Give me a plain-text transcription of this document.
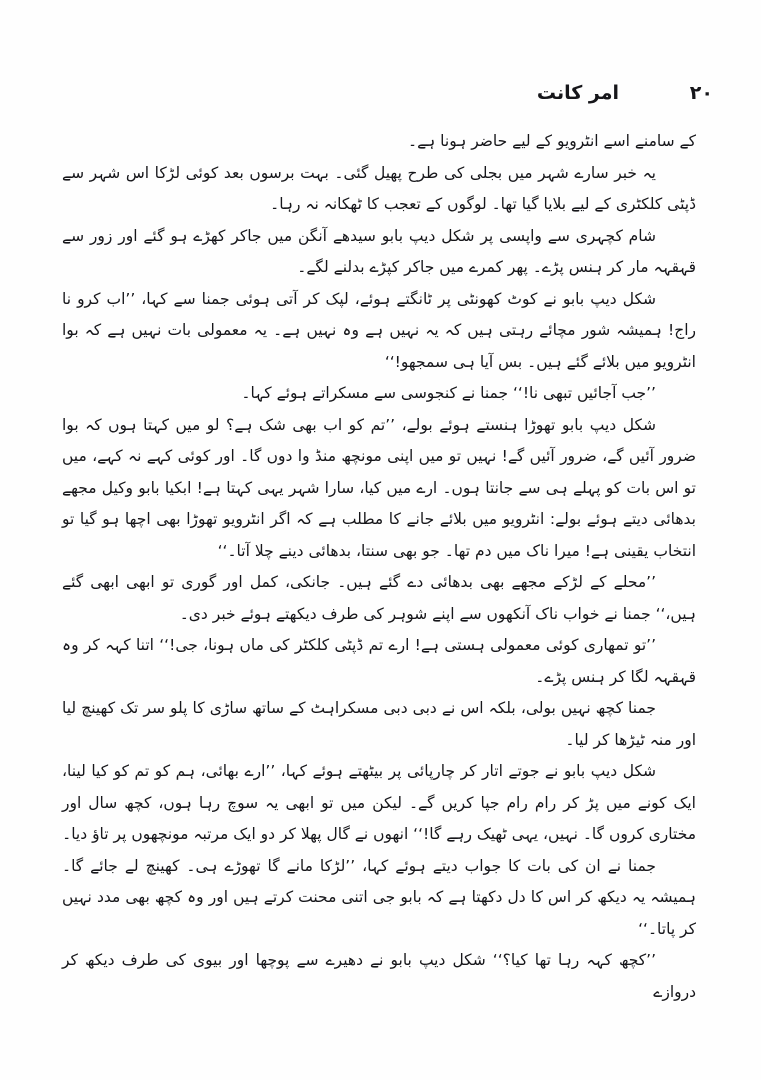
۲۰
امر کانت

کے سامنے اسے انٹرویو کے لیے حاضر ہونا ہے۔

یہ خبر سارے شہر میں بجلی کی طرح پھیل گئی۔ بہت برسوں بعد کوئی لڑکا اس شہر سے ڈپٹی کلکٹری کے لیے بلایا گیا تھا۔ لوگوں کے تعجب کا ٹھکانہ نہ رہا۔

شام کچہری سے واپسی پر شکل دیپ بابو سیدھے آنگن میں جاکر کھڑے ہو گئے اور زور سے قہقہہ مار کر ہنس پڑے۔ پھر کمرے میں جاکر کپڑے بدلنے لگے۔

شکل دیپ بابو نے کوٹ کھونٹی پر ٹانگتے ہوئے، لپک کر آتی ہوئی جمنا سے کہا، ’’اب کرو نا راج! ہمیشہ شور مچائے رہتی ہیں کہ یہ نہیں ہے وہ نہیں ہے۔ یہ معمولی بات نہیں ہے کہ بوا انٹرویو میں بلائے گئے ہیں۔ بس آیا ہی سمجھو!‘‘

’’جب آجائیں تبھی نا!‘‘ جمنا نے کنجوسی سے مسکراتے ہوئے کہا۔

شکل دیپ بابو تھوڑا ہنستے ہوئے بولے، ’’تم کو اب بھی شک ہے؟ لو میں کہتا ہوں کہ بوا ضرور آئیں گے، ضرور آئیں گے! نہیں تو میں اپنی مونچھ منڈ وا دوں گا۔ اور کوئی کہے نہ کہے، میں تو اس بات کو پہلے ہی سے جانتا ہوں۔ ارے میں کیا، سارا شہر یہی کہتا ہے! ابکیا بابو وکیل مجھے بدھائی دیتے ہوئے بولے: انٹرویو میں بلائے جانے کا مطلب ہے کہ اگر انٹرویو تھوڑا بھی اچھا ہو گیا تو انتخاب یقینی ہے! میرا ناک میں دم تھا۔ جو بھی سنتا، بدھائی دینے چلا آتا۔‘‘

’’محلے کے لڑکے مجھے بھی بدھائی دے گئے ہیں۔ جانکی، کمل اور گوری تو ابھی ابھی گئے ہیں،‘‘ جمنا نے خواب ناک آنکھوں سے اپنے شوہر کی طرف دیکھتے ہوئے خبر دی۔

’’تو تمھاری کوئی معمولی ہستی ہے! ارے تم ڈپٹی کلکٹر کی ماں ہونا، جی!‘‘ اتنا کہہ کر وہ قہقہہ لگا کر ہنس پڑے۔

جمنا کچھ نہیں بولی، بلکہ اس نے دبی دبی مسکراہٹ کے ساتھ ساڑی کا پلو سر تک کھینچ لیا اور منہ ٹیڑھا کر لیا۔

شکل دیپ بابو نے جوتے اتار کر چارپائی پر بیٹھتے ہوئے کہا، ’’ارے بھائی، ہم کو تم کو کیا لینا، ایک کونے میں پڑ کر رام رام جپا کریں گے۔ لیکن میں تو ابھی یہ سوچ رہا ہوں، کچھ سال اور مختاری کروں گا۔ نہیں، یہی ٹھیک رہے گا!‘‘ انھوں نے گال پھلا کر دو ایک مرتبہ مونچھوں پر تاؤ دیا۔

جمنا نے ان کی بات کا جواب دیتے ہوئے کہا، ’’لڑکا مانے گا تھوڑے ہی۔ کھینچ لے جائے گا۔ ہمیشہ یہ دیکھ کر اس کا دل دکھتا ہے کہ بابو جی اتنی محنت کرتے ہیں اور وہ کچھ بھی مدد نہیں کر پاتا۔‘‘

’’کچھ کہہ رہا تھا کیا؟‘‘ شکل دیپ بابو نے دھیرے سے پوچھا اور بیوی کی طرف دیکھ کر دروازے
